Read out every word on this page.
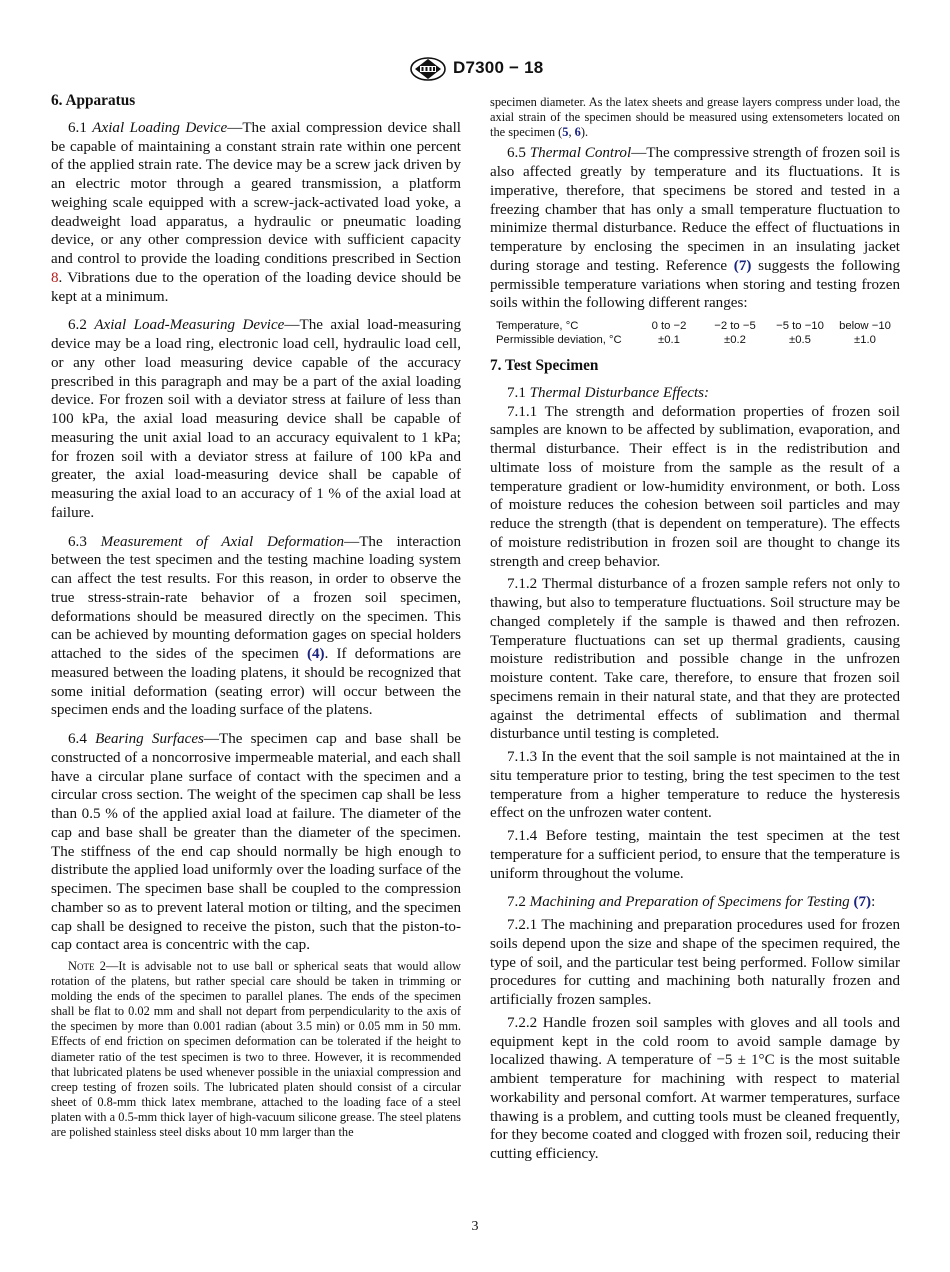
D7300 − 18
6. Apparatus

6.1 Axial Loading Device—The axial compression device shall be capable of maintaining a constant strain rate within one percent of the applied strain rate. The device may be a screw jack driven by an electric motor through a geared transmission, a platform weighing scale equipped with a screw-jack-activated load yoke, a deadweight load apparatus, a hydraulic or pneumatic loading device, or any other compression device with sufficient capacity and control to provide the loading conditions prescribed in Section 8. Vibrations due to the operation of the loading device should be kept at a minimum.

6.2 Axial Load-Measuring Device—The axial load-measuring device may be a load ring, electronic load cell, hydraulic load cell, or any other load measuring device capable of the accuracy prescribed in this paragraph and may be a part of the axial loading device. For frozen soil with a deviator stress at failure of less than 100 kPa, the axial load measuring device shall be capable of measuring the unit axial load to an accuracy equivalent to 1 kPa; for frozen soil with a deviator stress at failure of 100 kPa and greater, the axial load-measuring device shall be capable of measuring the axial load to an accuracy of 1 % of the axial load at failure.

6.3 Measurement of Axial Deformation—The interaction between the test specimen and the testing machine loading system can affect the test results. For this reason, in order to observe the true stress-strain-rate behavior of a frozen soil specimen, deformations should be measured directly on the specimen. This can be achieved by mounting deformation gages on special holders attached to the sides of the specimen (4). If deformations are measured between the loading platens, it should be recognized that some initial deformation (seating error) will occur between the specimen ends and the loading surface of the platens.

6.4 Bearing Surfaces—The specimen cap and base shall be constructed of a noncorrosive impermeable material, and each shall have a circular plane surface of contact with the specimen and a circular cross section. The weight of the specimen cap shall be less than 0.5 % of the applied axial load at failure. The diameter of the cap and base shall be greater than the diameter of the specimen. The stiffness of the end cap should normally be high enough to distribute the applied load uniformly over the loading surface of the specimen. The specimen base shall be coupled to the compression chamber so as to prevent lateral motion or tilting, and the specimen cap shall be designed to receive the piston, such that the piston-to-cap contact area is concentric with the cap.

Note 2—It is advisable not to use ball or spherical seats that would allow rotation of the platens, but rather special care should be taken in trimming or molding the ends of the specimen to parallel planes. The ends of the specimen shall be flat to 0.02 mm and shall not depart from perpendicularity to the axis of the specimen by more than 0.001 radian (about 3.5 min) or 0.05 mm in 50 mm. Effects of end friction on specimen deformation can be tolerated if the height to diameter ratio of the test specimen is two to three. However, it is recommended that lubricated platens be used whenever possible in the uniaxial compression and creep testing of frozen soils. The lubricated platen should consist of a circular sheet of 0.8-mm thick latex membrane, attached to the loading face of a steel platen with a 0.5-mm thick layer of high-vacuum silicone grease. The steel platens are polished stainless steel disks about 10 mm larger than the

specimen diameter. As the latex sheets and grease layers compress under load, the axial strain of the specimen should be measured using extensometers located on the specimen (5, 6).

6.5 Thermal Control—The compressive strength of frozen soil is also affected greatly by temperature and its fluctuations. It is imperative, therefore, that specimens be stored and tested in a freezing chamber that has only a small temperature fluctuation to minimize thermal disturbance. Reduce the effect of fluctuations in temperature by enclosing the specimen in an insulating jacket during storage and testing. Reference (7) suggests the following permissible temperature variations when storing and testing frozen soils within the following different ranges:

Temperature, °C	0 to −2	−2 to −5	−5 to −10	below −10
Permissible deviation, °C	±0.1	±0.2	±0.5	±1.0
7. Test Specimen

7.1 Thermal Disturbance Effects:

7.1.1 The strength and deformation properties of frozen soil samples are known to be affected by sublimation, evaporation, and thermal disturbance. Their effect is in the redistribution and ultimate loss of moisture from the sample as the result of a temperature gradient or low-humidity environment, or both. Loss of moisture reduces the cohesion between soil particles and may reduce the strength (that is dependent on temperature). The effects of moisture redistribution in frozen soil are thought to change its strength and creep behavior.

7.1.2 Thermal disturbance of a frozen sample refers not only to thawing, but also to temperature fluctuations. Soil structure may be changed completely if the sample is thawed and then refrozen. Temperature fluctuations can set up thermal gradients, causing moisture redistribution and possible change in the unfrozen moisture content. Take care, therefore, to ensure that frozen soil specimens remain in their natural state, and that they are protected against the detrimental effects of sublimation and thermal disturbance until testing is completed.

7.1.3 In the event that the soil sample is not maintained at the in situ temperature prior to testing, bring the test specimen to the test temperature from a higher temperature to reduce the hysteresis effect on the unfrozen water content.

7.1.4 Before testing, maintain the test specimen at the test temperature for a sufficient period, to ensure that the temperature is uniform throughout the volume.

7.2 Machining and Preparation of Specimens for Testing (7):

7.2.1 The machining and preparation procedures used for frozen soils depend upon the size and shape of the specimen required, the type of soil, and the particular test being performed. Follow similar procedures for cutting and machining both naturally frozen and artificially frozen samples.

7.2.2 Handle frozen soil samples with gloves and all tools and equipment kept in the cold room to avoid sample damage by localized thawing. A temperature of −5 ± 1°C is the most suitable ambient temperature for machining with respect to material workability and personal comfort. At warmer temperatures, surface thawing is a problem, and cutting tools must be cleaned frequently, for they become coated and clogged with frozen soil, reducing their cutting efficiency.

3
